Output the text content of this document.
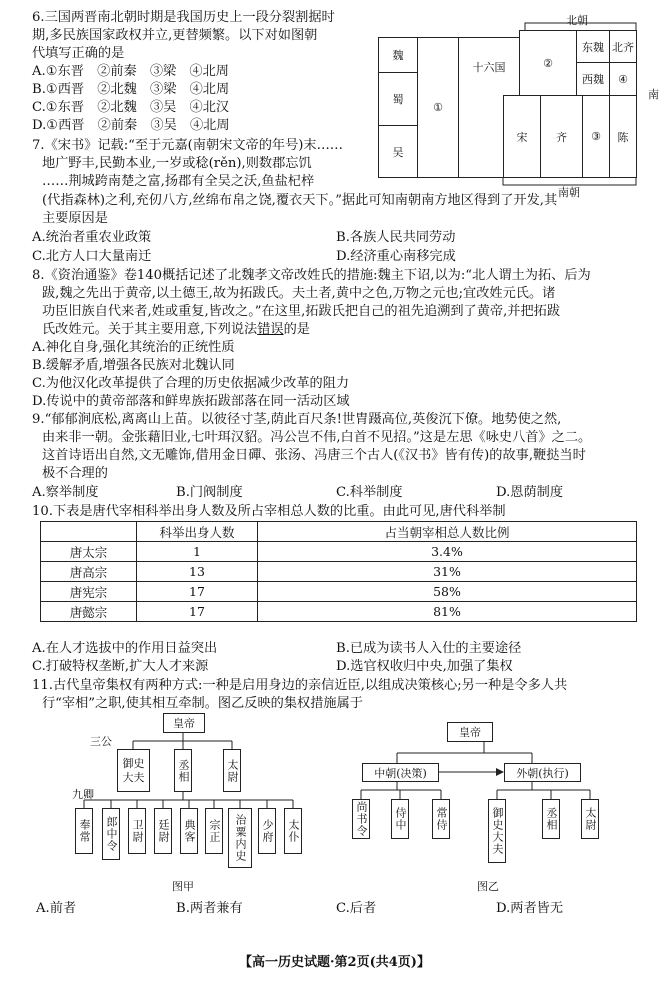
6.三国两晋南北朝时期是我国历史上一段分裂割据时
期,多民族国家政权并立,更替频繁。以下对如图朝
代填写正确的是
A.①东晋　②前秦　③梁　④北周
B.①西晋　②北魏　③梁　④北周
C.①东晋　②北魏　③吴　④北汉
D.①西晋　②前秦　③吴　④北周
北朝
南朝
南
魏
蜀
吴
①
十六国	②
东魏 北齐
西魏	④
宋	齐	③	陈
7.《宋书》记载:“至于元嘉(南朝宋文帝的年号)末……
地广野丰,民勤本业,一岁或稔(rěn),则数郡忘饥
……荆城跨南楚之富,扬郡有全吴之沃,鱼盐杞梓
(代指森林)之利,充仞八方,丝绵布帛之饶,覆衣天下。”据此可知南朝南方地区得到了开发,其
主要原因是
A.统治者重农业政策	B.各族人民共同劳动
C.北方人口大量南迁	D.经济重心南移完成
8.《资治通鉴》卷140概括记述了北魏孝文帝改姓氏的措施:魏主下诏,以为:“北人谓土为拓、后为
跋,魏之先出于黄帝,以土德王,故为拓跋氏。夫土者,黄中之色,万物之元也;宜改姓元氏。诸
功臣旧族自代来者,姓或重复,皆改之。”在这里,拓跋氏把自己的祖先追溯到了黄帝,并把拓跋
氏改姓元。关于其主要用意,下列说法错误的是
A.神化自身,强化其统治的正统性质
B.缓解矛盾,增强各民族对北魏认同
C.为他汉化改革提供了合理的历史依据减少改革的阻力
D.传说中的黄帝部落和鲜卑族拓跋部落在同一活动区域
9.“郁郁涧底松,离离山上苗。以彼径寸茎,荫此百尺条!世胄蹑高位,英俊沉下僚。地势使之然,
由来非一朝。金张藉旧业,七叶珥汉貂。冯公岂不伟,白首不见招。”这是左思《咏史八首》之二。
这首诗语出自然,文无雕饰,借用金日磾、张汤、冯唐三个古人(《汉书》皆有传)的故事,鞭挞当时
极不合理的
A.察举制度	B.门阀制度	C.科举制度	D.恩荫制度
10.下表是唐代宰相科举出身人数及所占宰相总人数的比重。由此可见,唐代科举制
	科举出身人数	占当朝宰相总人数比例
唐太宗	1	3.4%
唐高宗	13	31%
唐宪宗	17	58%
唐懿宗	17	81%
A.在人才选拔中的作用日益突出	B.已成为读书人入仕的主要途径
C.打破特权垄断,扩大人才来源	D.选官权收归中央,加强了集权
11.古代皇帝集权有两种方式:一种是启用身边的亲信近臣,以组成决策核心;另一种是令多人共
行“宰相”之职,使其相互牵制。图乙反映的集权措施属于
皇帝
三公
九卿
御史大夫	丞相	太尉
奉常 郎中令 卫尉 廷尉 典客 宗正	治粟内史	少府 太仆
图甲
皇帝
中朝(决策)	外朝(执行)
尚书令 侍中	常侍	御史大夫	丞相 太尉
图乙
A.前者	B.两者兼有	C.后者	D.两者皆无
【高一历史试题·第2页(共4页)】
